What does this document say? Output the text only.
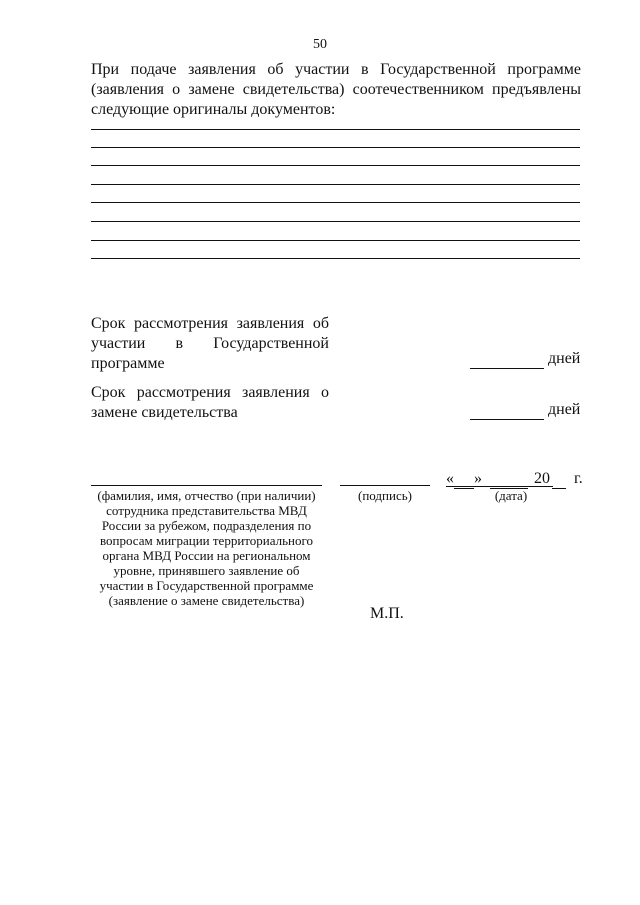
50
При подаче заявления об участии в Государственной программе (заявления о замене свидетельства) соотечественником предъявлены следующие оригиналы документов:
Срок рассмотрения заявления об участии в Государственной программе	дней
Срок рассмотрения заявления о замене свидетельства	дней
« »	20 г.
(фамилия, имя, отчество (при наличии) сотрудника представительства МВД России за рубежом, подразделения по вопросам миграции территориального органа МВД России на региональном уровне, принявшего заявление об участии в Государственной программе (заявление о замене свидетельства)
(подпись)	(дата)
М.П.
